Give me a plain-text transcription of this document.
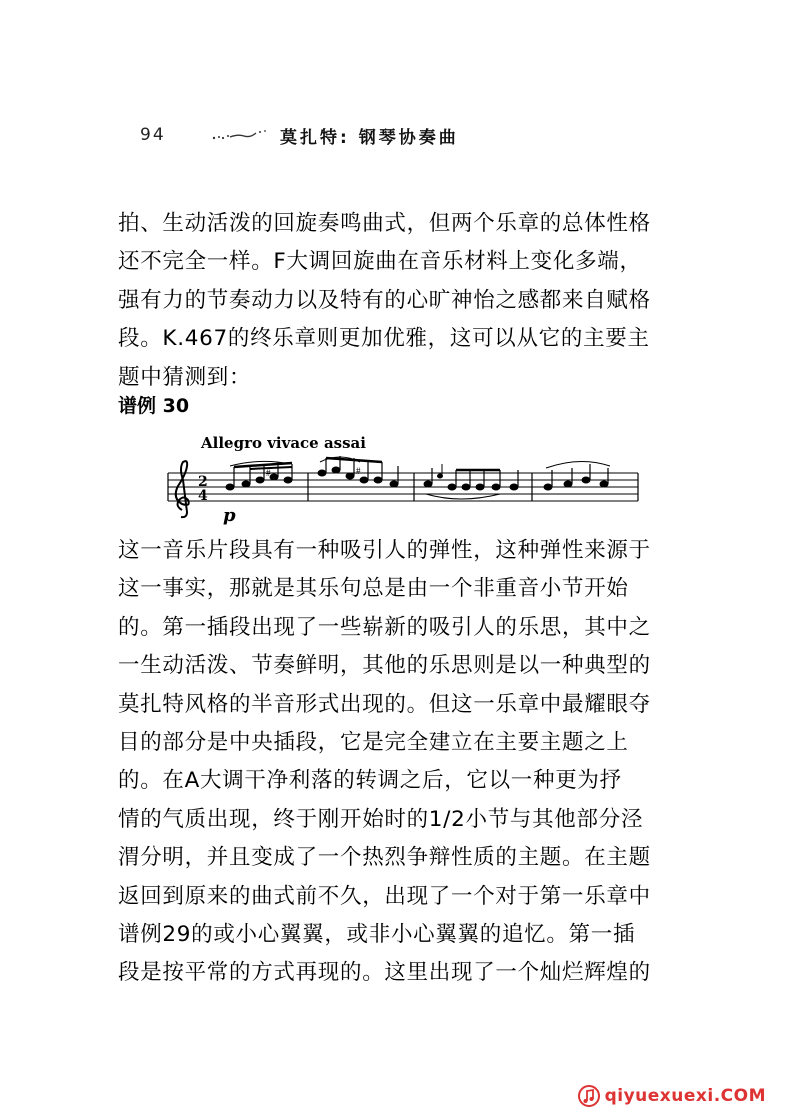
94	莫扎特: 钢琴协奏曲
拍、生动活泼的回旋奏鸣曲式，但两个乐章的总体性格
还不完全一样。F大调回旋曲在音乐材料上变化多端，
强有力的节奏动力以及特有的心旷神怡之感都来自赋格
段。K.467的终乐章则更加优雅，这可以从它的主要主
题中猜测到：
谱例 30
2
4
#	#
Allegro vivace assai
p
这一音乐片段具有一种吸引人的弹性，这种弹性来源于
这一事实，那就是其乐句总是由一个非重音小节开始
的。第一插段出现了一些崭新的吸引人的乐思，其中之
一生动活泼、节奏鲜明，其他的乐思则是以一种典型的
莫扎特风格的半音形式出现的。但这一乐章中最耀眼夺
目的部分是中央插段，它是完全建立在主要主题之上
的。在A大调干净利落的转调之后，它以一种更为抒
情的气质出现，终于刚开始时的1/2小节与其他部分泾
渭分明，并且变成了一个热烈争辩性质的主题。在主题
返回到原来的曲式前不久，出现了一个对于第一乐章中
谱例29的或小心翼翼，或非小心翼翼的追忆。第一插
段是按平常的方式再现的。这里出现了一个灿烂辉煌的
qiyuexuexi.COM
